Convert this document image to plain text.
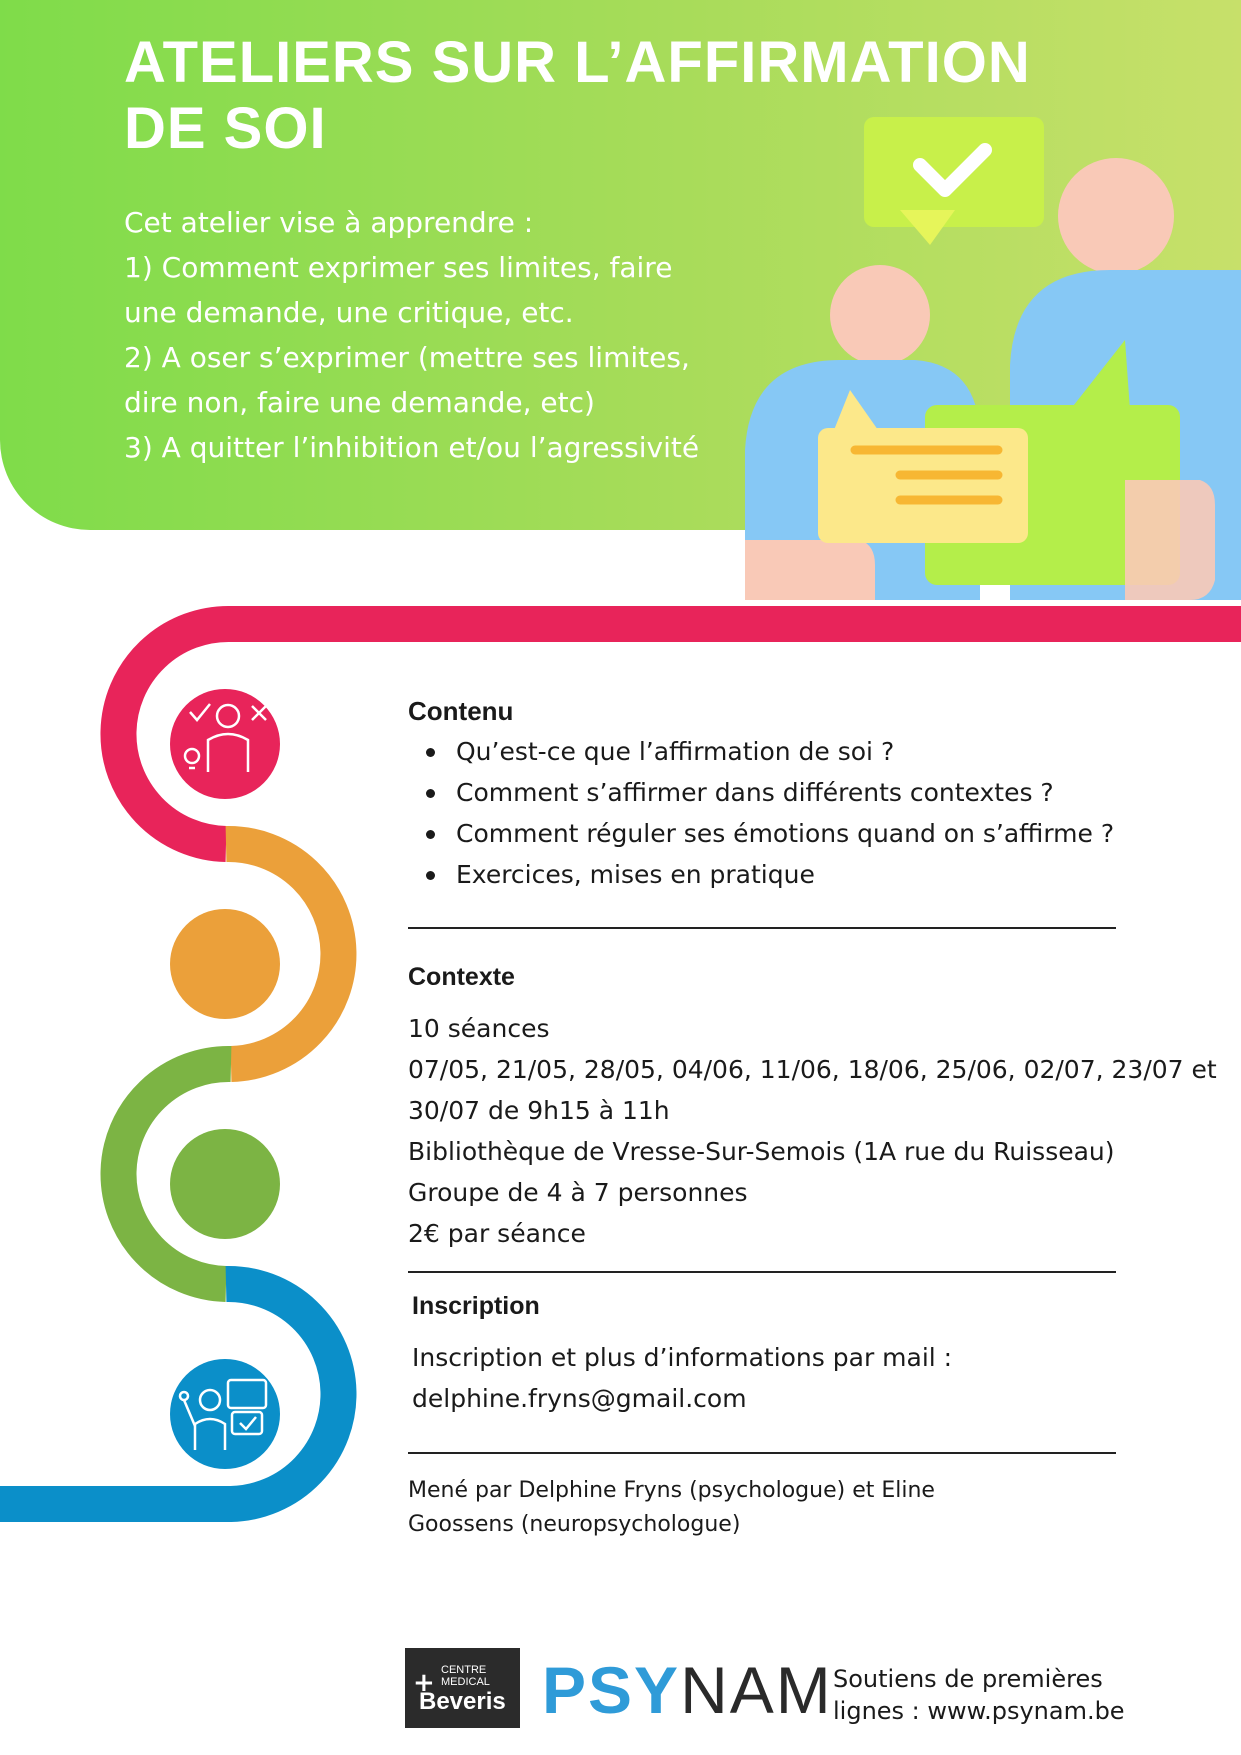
ATELIERS SUR L’AFFIRMATION
DE SOI
Cet atelier vise à apprendre :
1) Comment exprimer ses limites, faire
une demande, une critique, etc.
2) A oser s’exprimer (mettre ses limites,
dire non, faire une demande, etc)
3) A quitter l’inhibition et/ou l’agressivité
Contenu
Qu’est-ce que l’affirmation de soi ?
Comment s’affirmer dans différents contextes ?
Comment réguler ses émotions quand on s’affirme ?
Exercices, mises en pratique
Contexte
10 séances
07/05, 21/05, 28/05, 04/06, 11/06, 18/06, 25/06, 02/07, 23/07 et
30/07 de 9h15 à 11h
Bibliothèque de Vresse-Sur-Semois (1A rue du Ruisseau)
Groupe de 4 à 7 personnes
2€ par séance
Inscription
Inscription et plus d’informations par mail :
delphine.fryns@gmail.com
Mené par Delphine Fryns (psychologue) et Eline
Goossens (neuropsychologue)
CENTRE
MEDICAL
+
Beveris PSYNAM Soutiens de premières
lignes : www.psynam.be
